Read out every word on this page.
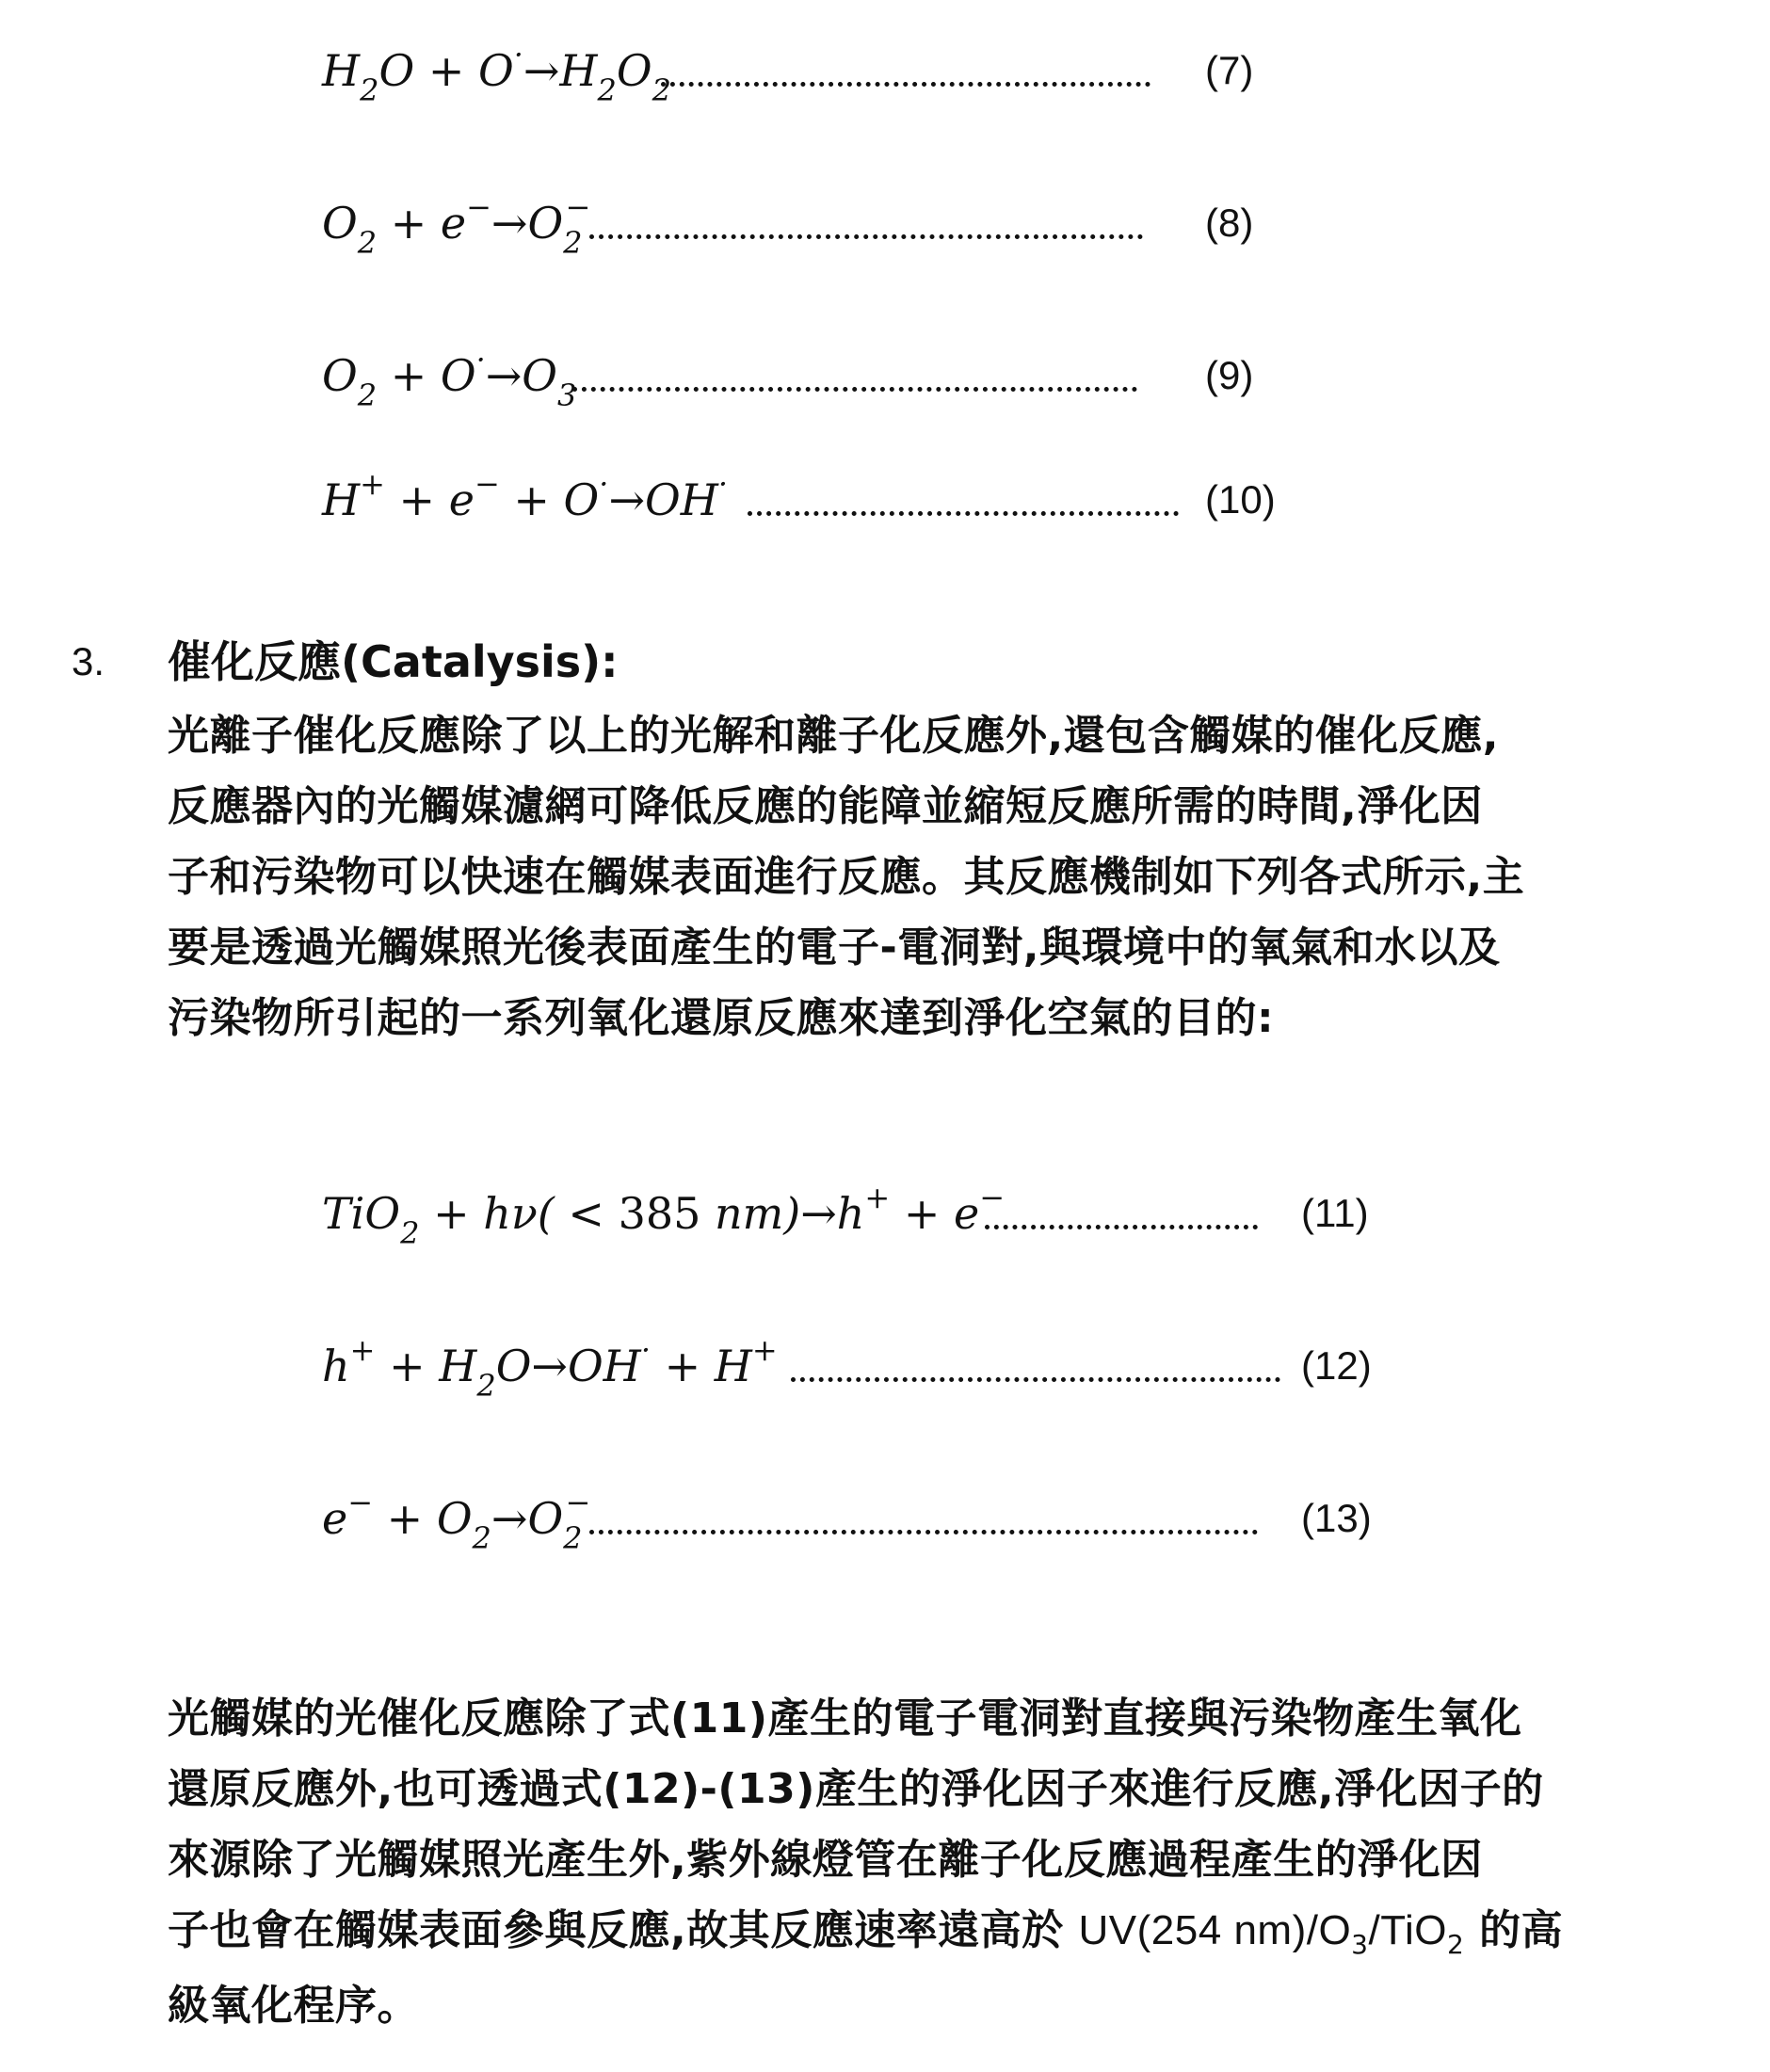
$H_2O + O^\cdot\to H_2O_2$	(7)
$O_2 + e^-\to O_2^-$	(8)
$O_2 + O^\cdot\to O_3$	(9)
H+ + e− + O·→OH·	(10)
3. 催化反應(Catalysis):
光離子催化反應除了以上的光解和離子化反應外,還包含觸媒的催化反應,
反應器內的光觸媒濾網可降低反應的能障並縮短反應所需的時間,淨化因
子和污染物可以快速在觸媒表面進行反應。其反應機制如下列各式所示,主
要是透過光觸媒照光後表面產生的電子-電洞對,與環境中的氧氣和水以及
污染物所引起的一系列氧化還原反應來達到淨化空氣的目的:
TiO$_2$ + hν( < 385 nm)→h+ + e−	(11)
$h^+ + H_2O\to OH^\cdot + H^+$	(12)
$e^- + O_2\to O_2^-$	(13)
光觸媒的光催化反應除了式(11)產生的電子電洞對直接與污染物產生氧化
還原反應外,也可透過式(12)-(13)產生的淨化因子來進行反應,淨化因子的
來源除了光觸媒照光產生外,紫外線燈管在離子化反應過程產生的淨化因
子也會在觸媒表面參與反應,故其反應速率遠高於 UV(254 $nm)/O_3/TiO_2$ 的高
級氧化程序。
